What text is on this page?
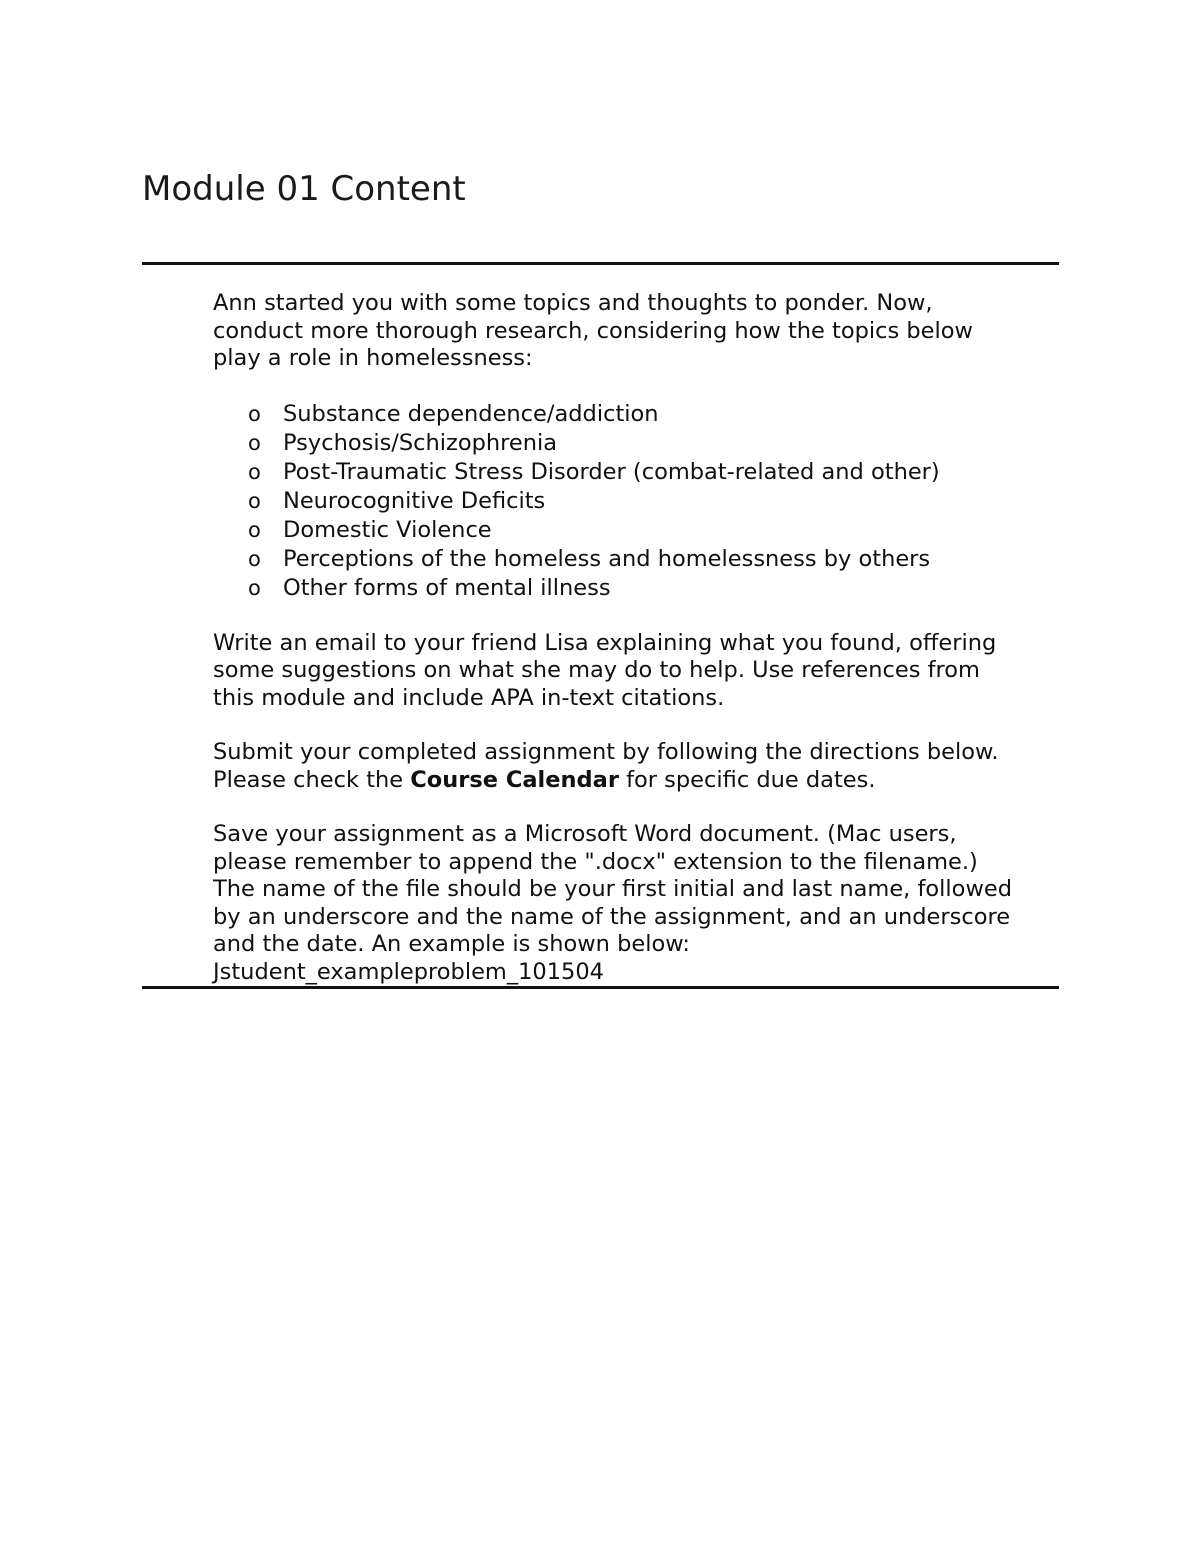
Module 01 Content

Ann started you with some topics and thoughts to ponder. Now,
conduct more thorough research, considering how the topics below
play a role in homelessness:

o Substance dependence/addiction
o Psychosis/Schizophrenia
o Post-Traumatic Stress Disorder (combat-related and other)
o Neurocognitive Deficits
o Domestic Violence
o Perceptions of the homeless and homelessness by others
o Other forms of mental illness

Write an email to your friend Lisa explaining what you found, offering
some suggestions on what she may do to help. Use references from
this module and include APA in-text citations.

Submit your completed assignment by following the directions below.
Please check the Course Calendar for specific due dates.

Save your assignment as a Microsoft Word document. (Mac users,
please remember to append the ".docx" extension to the filename.)
The name of the file should be your first initial and last name, followed
by an underscore and the name of the assignment, and an underscore
and the date. An example is shown below:

Jstudent_exampleproblem_101504
